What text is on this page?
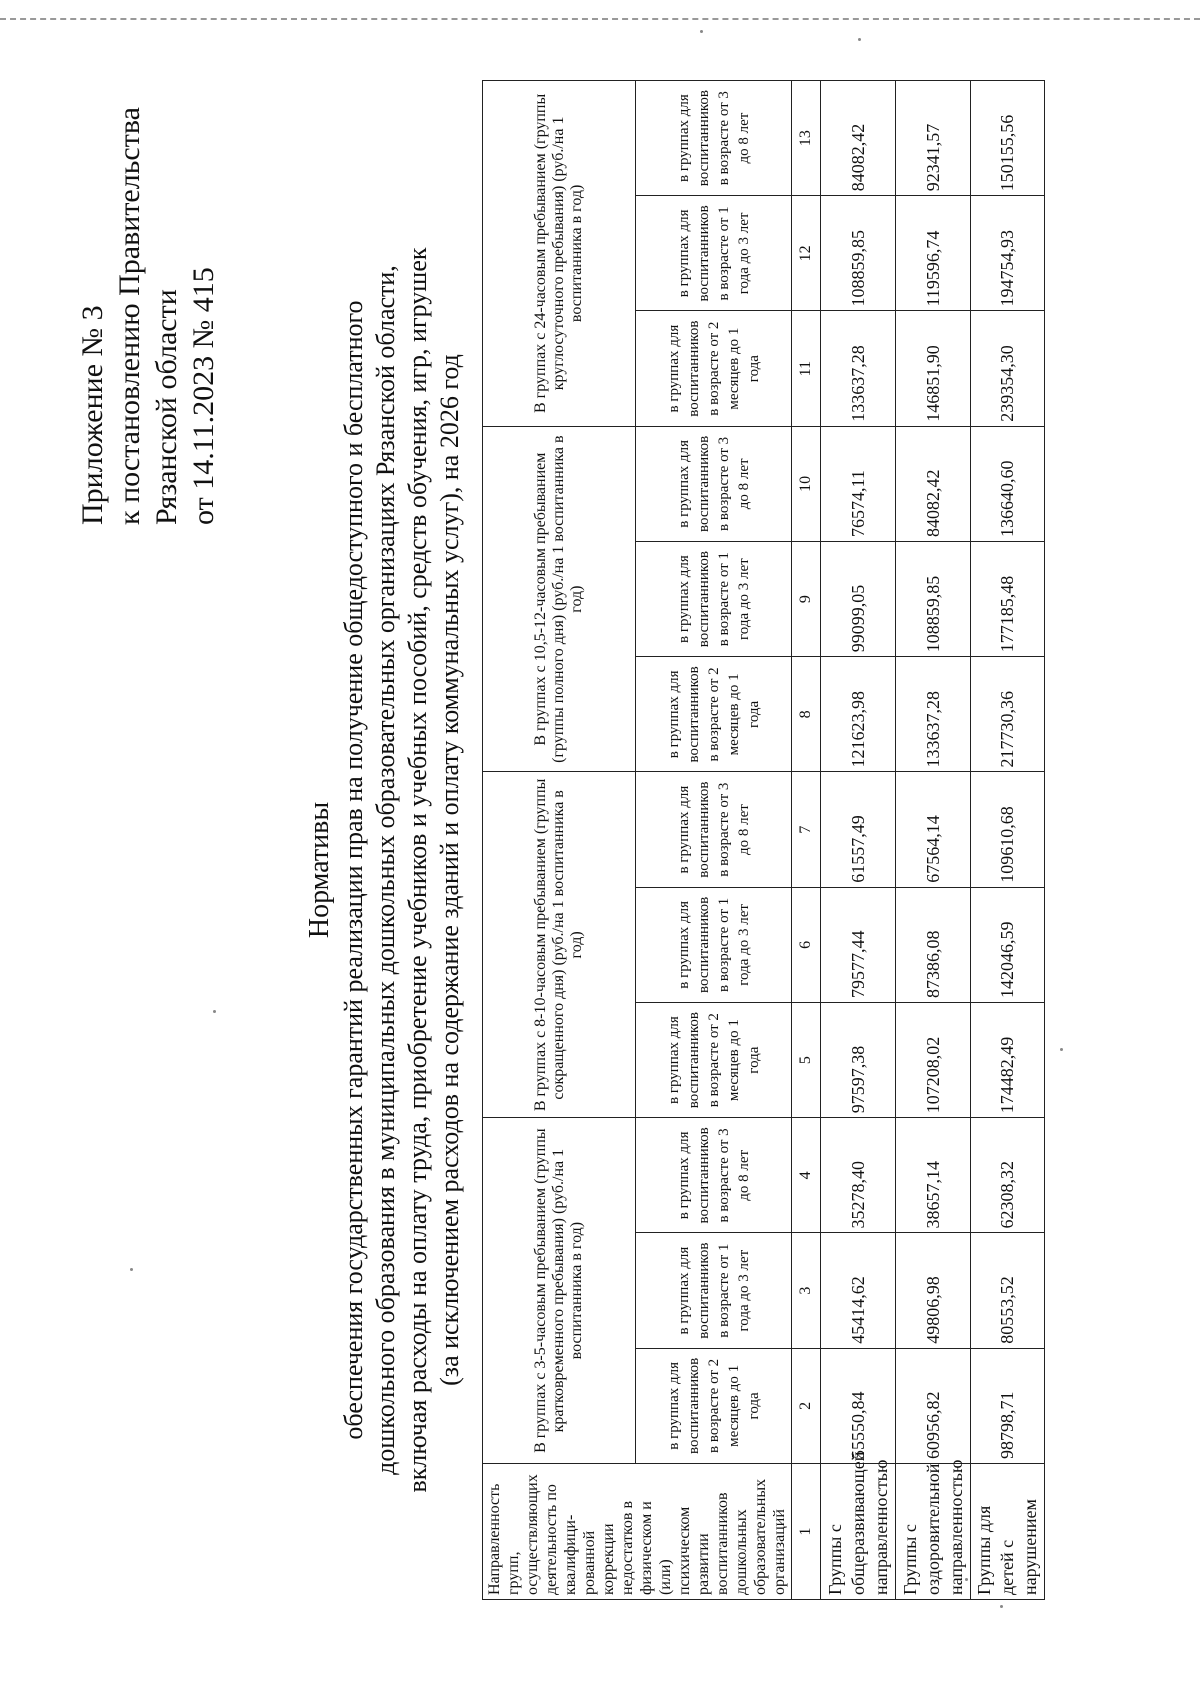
Приложение № 3 к постановлению Правительства Рязанской области от 14.11.2023 № 415
Нормативы обеспечения государственных гарантий реализации прав на получение общедоступного и бесплатного дошкольного образования в муниципальных дошкольных образовательных организациях Рязанской области, включая расходы на оплату труда, приобретение учебников и учебных пособий, средств обучения, игр, игрушек (за исключением расходов на содержание зданий и оплату коммунальных услуг), на 2026 год
Направленность групп, осуществляющих деятельность по квалифици-рованной коррекции недостатков в физическом и (или) психическом развитии воспитанников дошкольных образовательных организаций	В группах с 3-5-часовым пребыванием (группы кратковременного пребывания) (руб./на 1 воспитанника в год)			В группах с 8-10-часовым пребыванием (группы сокращенного дня) (руб./на 1 воспитанника в год)			В группах с 10,5-12-часовым пребыванием (группы полного дня) (руб./на 1 воспитанника в год)			В группах с 24-часовым пребыванием (группы круглосуточного пребывания) (руб./на 1 воспитанника в год)		
	в группах для воспитанников в возрасте от 2 месяцев до 1 года	в группах для воспитанников в возрасте от 1 года до 3 лет	в группах для воспитанников в возрасте от 3 до 8 лет	в группах для воспитанников в возрасте от 2 месяцев до 1 года	в группах для воспитанников в возрасте от 1 года до 3 лет	в группах для воспитанников в возрасте от 3 до 8 лет	в группах для воспитанников в возрасте от 2 месяцев до 1 года	в группах для воспитанников в возрасте от 1 года до 3 лет	в группах для воспитанников в возрасте от 3 до 8 лет	в группах для воспитанников в возрасте от 2 месяцев до 1 года	в группах для воспитанников в возрасте от 1 года до 3 лет	в группах для воспитанников в возрасте от 3 до 8 лет
1	2	3	4	5	6	7	8	9	10	11	12	13
Группы с общеразвивающей направленностью	55550,84	45414,62	35278,40	97597,38	79577,44	61557,49	121623,98	99099,05	76574,11	133637,28	108859,85	84082,42
Группы с оздоровительной направленностью	60956,82	49806,98	38657,14	107208,02	87386,08	67564,14	133637,28	108859,85	84082,42	146851,90	119596,74	92341,57
Группы для детей с нарушением	98798,71	80553,52	62308,32	174482,49	142046,59	109610,68	217730,36	177185,48	136640,60	239354,30	194754,93	150155,56
